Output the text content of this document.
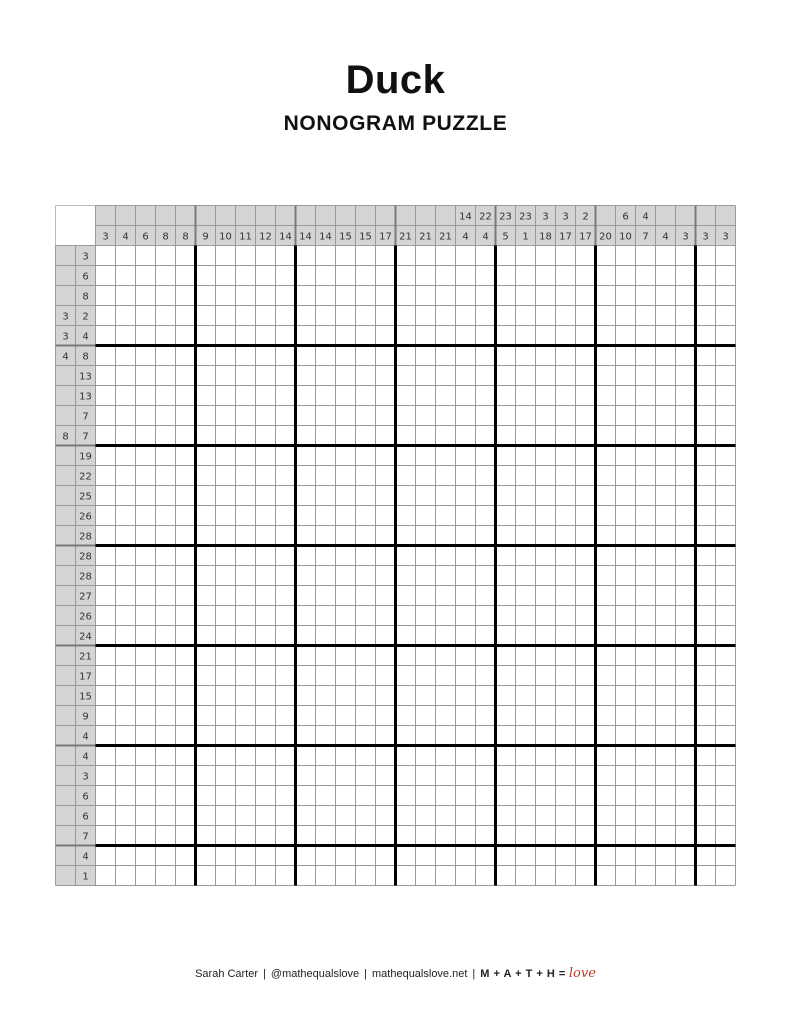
Duck
NONOGRAM PUZZLE
3 4 6 8 8 9 10 11 12 14 14 14 15 15 17 21 21 21
14
4
22
4
23
5
23
1
3
18
3
17
2
17 20
6
10
4
7 4 3 3 3
3
6
8
3 2
3 4
4 8
13
13
7
8 7
19
22
25
26
28
28
28
27
26
24
21
17
15
9
4
4
3
6
6
7
4
1
Sarah Carter | @mathequalslove | mathequalslove.net | M + A + T + H = love
